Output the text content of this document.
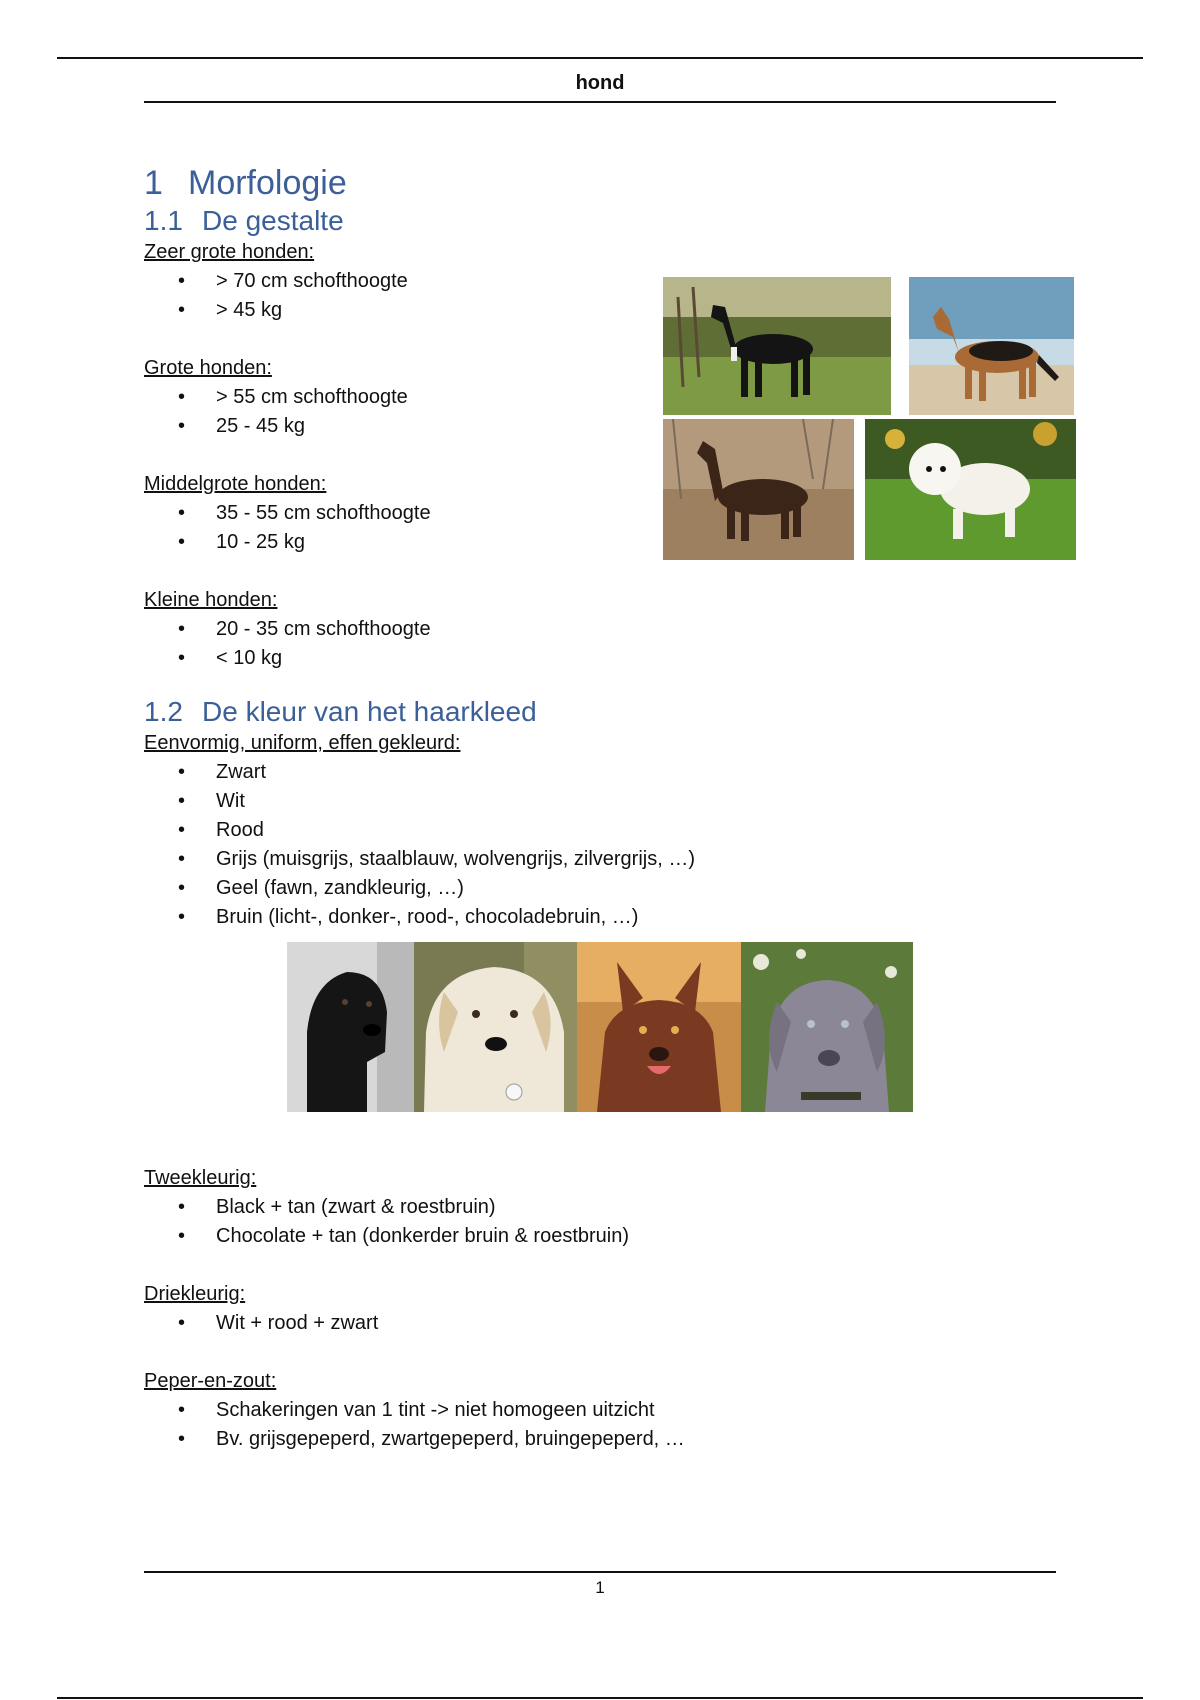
hond
1 Morfologie
1.1 De gestalte
Zeer grote honden:
• > 70 cm schofthoogte
• > 45 kg
Grote honden:
• > 55 cm schofthoogte
• 25 - 45 kg
Middelgrote honden:
• 35 - 55 cm schofthoogte
• 10 - 25 kg
Kleine honden:
• 20 - 35 cm schofthoogte
• < 10 kg
1.2 De kleur van het haarkleed
Eenvormig, uniform, effen gekleurd:
• Zwart
• Wit
• Rood
• Grijs (muisgrijs, staalblauw, wolvengrijs, zilvergrijs, …)
• Geel (fawn, zandkleurig, …)
• Bruin (licht-, donker-, rood-, chocoladebruin, …)
Tweekleurig:
• Black + tan (zwart & roestbruin)
• Chocolate + tan (donkerder bruin & roestbruin)
Driekleurig:
• Wit + rood + zwart
Peper-en-zout:
• Schakeringen van 1 tint -> niet homogeen uitzicht
• Bv. grijsgepeperd, zwartgepeperd, bruingepeperd, …
1
